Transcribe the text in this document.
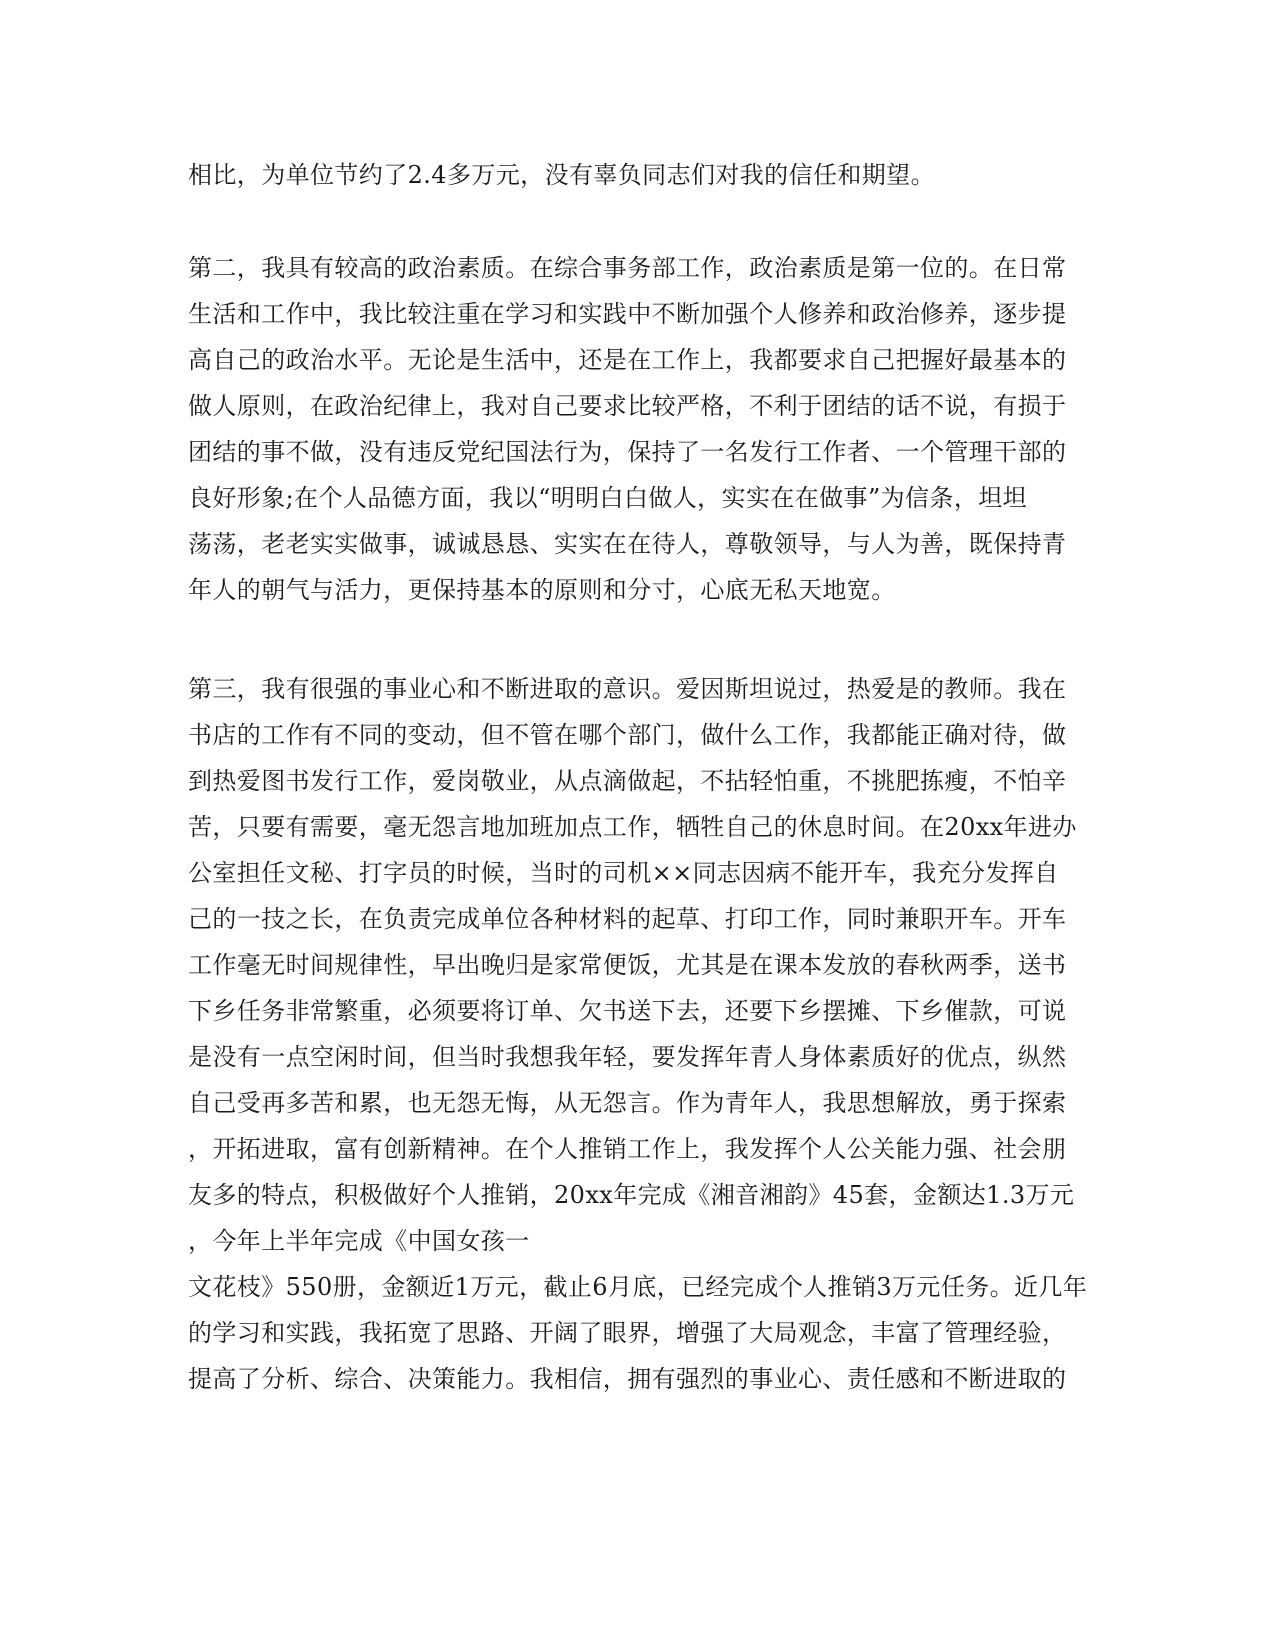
相比，为单位节约了2.4多万元，没有辜负同志们对我的信任和期望。

第二，我具有较高的政治素质。在综合事务部工作，政治素质是第一位的。在日常

生活和工作中，我比较注重在学习和实践中不断加强个人修养和政治修养，逐步提

高自己的政治水平。无论是生活中，还是在工作上，我都要求自己把握好最基本的

做人原则，在政治纪律上，我对自己要求比较严格，不利于团结的话不说，有损于

团结的事不做，没有违反党纪国法行为，保持了一名发行工作者、一个管理干部的

良好形象;在个人品德方面，我以“明明白白做人，实实在在做事”为信条，坦坦

荡荡，老老实实做事，诚诚恳恳、实实在在待人，尊敬领导，与人为善，既保持青

年人的朝气与活力，更保持基本的原则和分寸，心底无私天地宽。

第三，我有很强的事业心和不断进取的意识。爱因斯坦说过，热爱是的教师。我在

书店的工作有不同的变动，但不管在哪个部门，做什么工作，我都能正确对待，做

到热爱图书发行工作，爱岗敬业，从点滴做起，不拈轻怕重，不挑肥拣瘦，不怕辛

苦，只要有需要，毫无怨言地加班加点工作，牺牲自己的休息时间。在20xx年进办

公室担任文秘、打字员的时候，当时的司机××同志因病不能开车，我充分发挥自

己的一技之长，在负责完成单位各种材料的起草、打印工作，同时兼职开车。开车

工作毫无时间规律性，早出晚归是家常便饭，尤其是在课本发放的春秋两季，送书

下乡任务非常繁重，必须要将订单、欠书送下去，还要下乡摆摊、下乡催款，可说

是没有一点空闲时间，但当时我想我年轻，要发挥年青人身体素质好的优点，纵然

自己受再多苦和累，也无怨无悔，从无怨言。作为青年人，我思想解放，勇于探索

，开拓进取，富有创新精神。在个人推销工作上，我发挥个人公关能力强、社会朋

友多的特点，积极做好个人推销，20xx年完成《湘音湘韵》45套，金额达1.3万元

，今年上半年完成《中国女孩一

文花枝》550册，金额近1万元，截止6月底，已经完成个人推销3万元任务。近几年

的学习和实践，我拓宽了思路、开阔了眼界，增强了大局观念，丰富了管理经验，

提高了分析、综合、决策能力。我相信，拥有强烈的事业心、责任感和不断进取的
